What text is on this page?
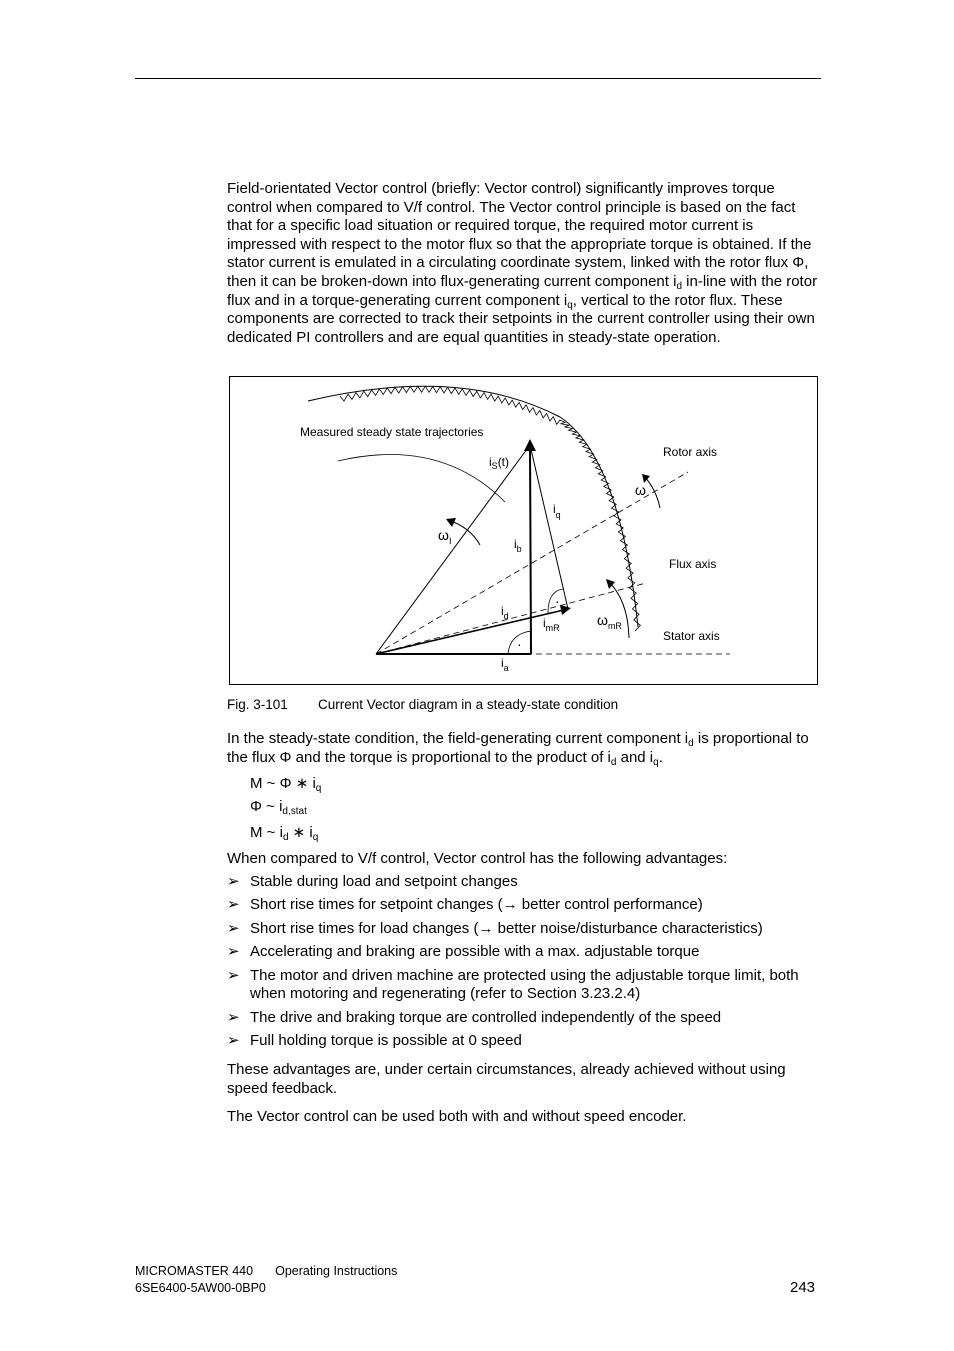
Field-orientated Vector control (briefly: Vector control) significantly improves torque control when compared to V/f control. The Vector control principle is based on the fact that for a specific load situation or required torque, the required motor current is impressed with respect to the motor flux so that the appropriate torque is obtained. If the stator current is emulated in a circulating coordinate system, linked with the rotor flux Φ, then it can be broken-down into flux-generating current component $i_d$ in-line with the rotor flux and in a torque-generating current component $i_q$, vertical to the rotor flux. These components are corrected to track their setpoints in the current controller using their own dedicated PI controllers and are equal quantities in steady-state operation.

Measured steady state trajectories
Rotor axis
Flux axis
Stator axis
$i_S(t)$
$i_q$
$i_b$
$i_d$	$i_{mR}$
$i_a$
$\omega_I$
ω
$\omega_{mR}$
·
·
Fig. 3-101 Current Vector diagram in a steady-state condition

In the steady-state condition, the field-generating current component $i_d$ is proportional to the flux Φ and the torque is proportional to the product of $i_d$ and $i_q$.

M ~ Φ ∗ $i_q$
Φ ~ $i_{d,stat}$
M ~ $i_d$ ∗ $i_q$

When compared to V/f control, Vector control has the following advantages:

➢ Stable during load and setpoint changes
➢ Short rise times for setpoint changes (→ better control performance)
➢ Short rise times for load changes (→ better noise/disturbance characteristics)
➢ Accelerating and braking are possible with a max. adjustable torque
➢ The motor and driven machine are protected using the adjustable torque limit, both when motoring and regenerating (refer to Section 3.23.2.4)
➢ The drive and braking torque are controlled independently of the speed
➢ Full holding torque is possible at 0 speed

These advantages are, under certain circumstances, already achieved without using speed feedback.

The Vector control can be used both with and without speed encoder.

MICROMASTER 440 Operating Instructions
6SE6400-5AW00-0BP0	243
